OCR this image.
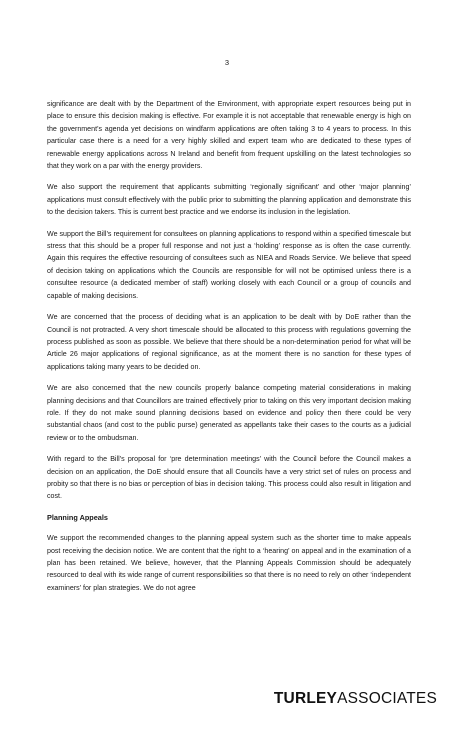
3

significance are dealt with by the Department of the Environment, with appropriate expert resources being put in place to ensure this decision making is effective. For example it is not acceptable that renewable energy is high on the government’s agenda yet decisions on windfarm applications are often taking 3 to 4 years to process. In this particular case there is a need for a very highly skilled and expert team who are dedicated to these types of renewable energy applications across N Ireland and benefit from frequent upskilling on the latest technologies so that they work on a par with the energy providers.

We also support the requirement that applicants submitting ‘regionally significant’ and other ‘major planning’ applications must consult effectively with the public prior to submitting the planning application and demonstrate this to the decision takers. This is current best practice and we endorse its inclusion in the legislation.

We support the Bill’s requirement for consultees on planning applications to respond within a specified timescale but stress that this should be a proper full response and not just a ‘holding’ response as is often the case currently. Again this requires the effective resourcing of consultees such as NIEA and Roads Service. We believe that speed of decision taking on applications which the Councils are responsible for will not be optimised unless there is a consultee resource (a dedicated member of staff) working closely with each Council or a group of councils and capable of making decisions.

We are concerned that the process of deciding what is an application to be dealt with by DoE rather than the Council is not protracted. A very short timescale should be allocated to this process with regulations governing the process published as soon as possible. We believe that there should be a non-determination period for what will be Article 26 major applications of regional significance, as at the moment there is no sanction for these types of applications taking many years to be decided on.

We are also concerned that the new councils properly balance competing material considerations in making planning decisions and that Councillors are trained effectively prior to taking on this very important decision making role. If they do not make sound planning decisions based on evidence and policy then there could be very substantial chaos (and cost to the public purse) generated as appellants take their cases to the courts as a judicial review or to the ombudsman.

With regard to the Bill’s proposal for ‘pre determination meetings’ with the Council before the Council makes a decision on an application, the DoE should ensure that all Councils have a very strict set of rules on process and probity so that there is no bias or perception of bias in decision taking. This process could also result in litigation and cost.

Planning Appeals

We support the recommended changes to the planning appeal system such as the shorter time to make appeals post receiving the decision notice. We are content that the right to a ‘hearing’ on appeal and in the examination of a plan has been retained. We believe, however, that the Planning Appeals Commission should be adequately resourced to deal with its wide range of current responsibilities so that there is no need to rely on other ‘independent examiners’ for plan strategies. We do not agree

TURLEYASSOCIATES
